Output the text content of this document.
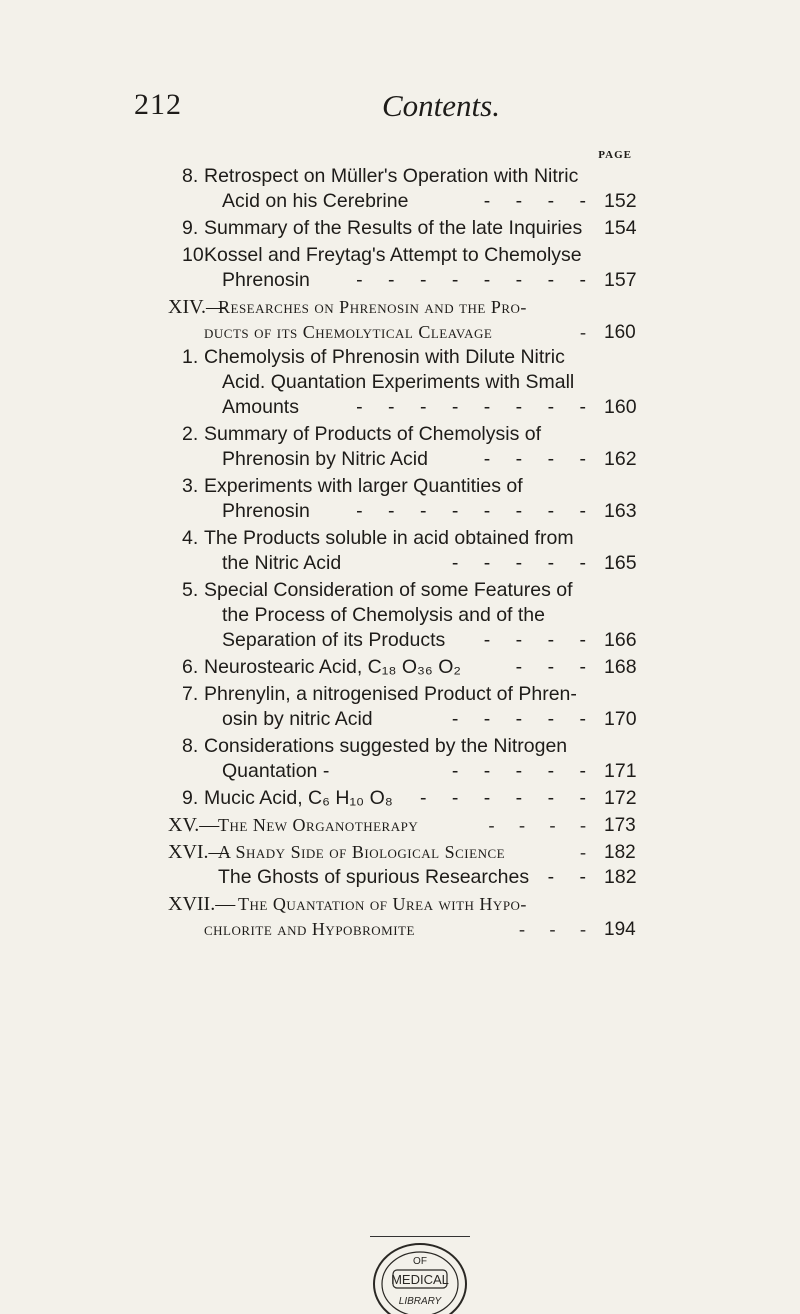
212	Contents.
PAGE
8. Retrospect on Müller's Operation with Nitric
Acid on his Cerebrine	- - - - 152
9. Summary of the Results of the late Inquiries 154
10.
Kossel and Freytag's Attempt to Chemolyse
Phrenosin	- - - - - - - - 157
XIV.—
Researches on Phrenosin and the Pro-
ducts of its Chemolytical Cleavage	- 160
1. Chemolysis of Phrenosin with Dilute Nitric
Acid. Quantation Experiments with Small
Amounts	- - - - - - - - 160
2. Summary of Products of Chemolysis of
Phrenosin by Nitric Acid	- - - - 162
3. Experiments with larger Quantities of
Phrenosin	- - - - - - - - 163
4. The Products soluble in acid obtained from
the Nitric Acid	- - - - - 165
5. Special Consideration of some Features of
the Process of Chemolysis and of the
Separation of its Products	- - - - 166
6. Neurostearic Acid, C₁₈ O₃₆ O₂	- - - 168
7. Phrenylin, a nitrogenised Product of Phren-
osin by nitric Acid	- - - - - 170
8. Considerations suggested by the Nitrogen
Quantation -	- - - - - 171
9. Mucic Acid, C₆ H₁₀ O₈	- - - - - - 172
XV.—
The New Organotherapy	- - - - 173
XVI.—
A Shady Side of Biological Science	- 182
The Ghosts of spurious Researches - - 182
XVII.— The Quantation of Urea with Hypo-
chlorite and Hypobromite	- - - 194
OF
MEDICAL
LIBRARY
